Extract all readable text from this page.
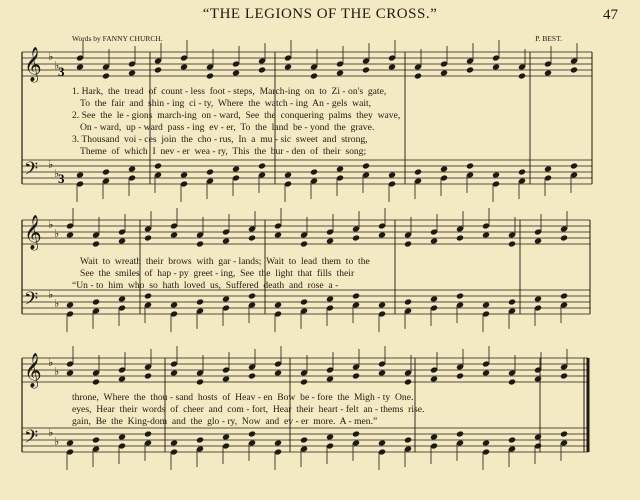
“THE LEGIONS OF THE CROSS.”	47
Words by FANNY CHURCH.	P. BEST.
3
3
𝄞 ♭
♭
𝄢 ♭
♭
𝄞 ♭
♭
𝄢 ♭
♭
𝄞 ♭
♭
𝄢 ♭
♭
1. Hark,  the  tread  of  count - less  foot - steps,  March-ing  on  to  Zi - on's  gate,
To  the  fair  and  shin - ing  ci - ty,  Where  the  watch - ing  An - gels  wait,
2. See  the  le - gions  march-ing  on - ward,  See  the  conquering  palms  they  wave,
On - ward,  up - ward  pass - ing  ev - er,  To  the  land  be - yond  the  grave.
3. Thousand  voi - ces  join  the  cho - rus,  In  a  mu - sic  sweet  and  strong,
Theme  of  which  I  nev - er  wea - ry,  This  the  bur - den  of  their  song;
Wait  to  wreath  their  brows  with  gar - lands;  Wait  to  lead  them  to  the
See  the  smiles  of  hap - py  greet - ing,  See  the  light  that  fills  their
“Un - to  him  who  so  hath  loved  us,  Suffered  death  and  rose  a -
throne,  Where  the  thou - sand  hosts  of  Heav - en  Bow  be - fore  the  Migh - ty  One.
eyes,  Hear  their  words  of  cheer  and  com - fort,  Hear  their  heart - felt  an - thems  rise.
gain,  Be  the  King-dom  and  the  glo - ry,  Now  and  ev - er  more.  A - men.”
